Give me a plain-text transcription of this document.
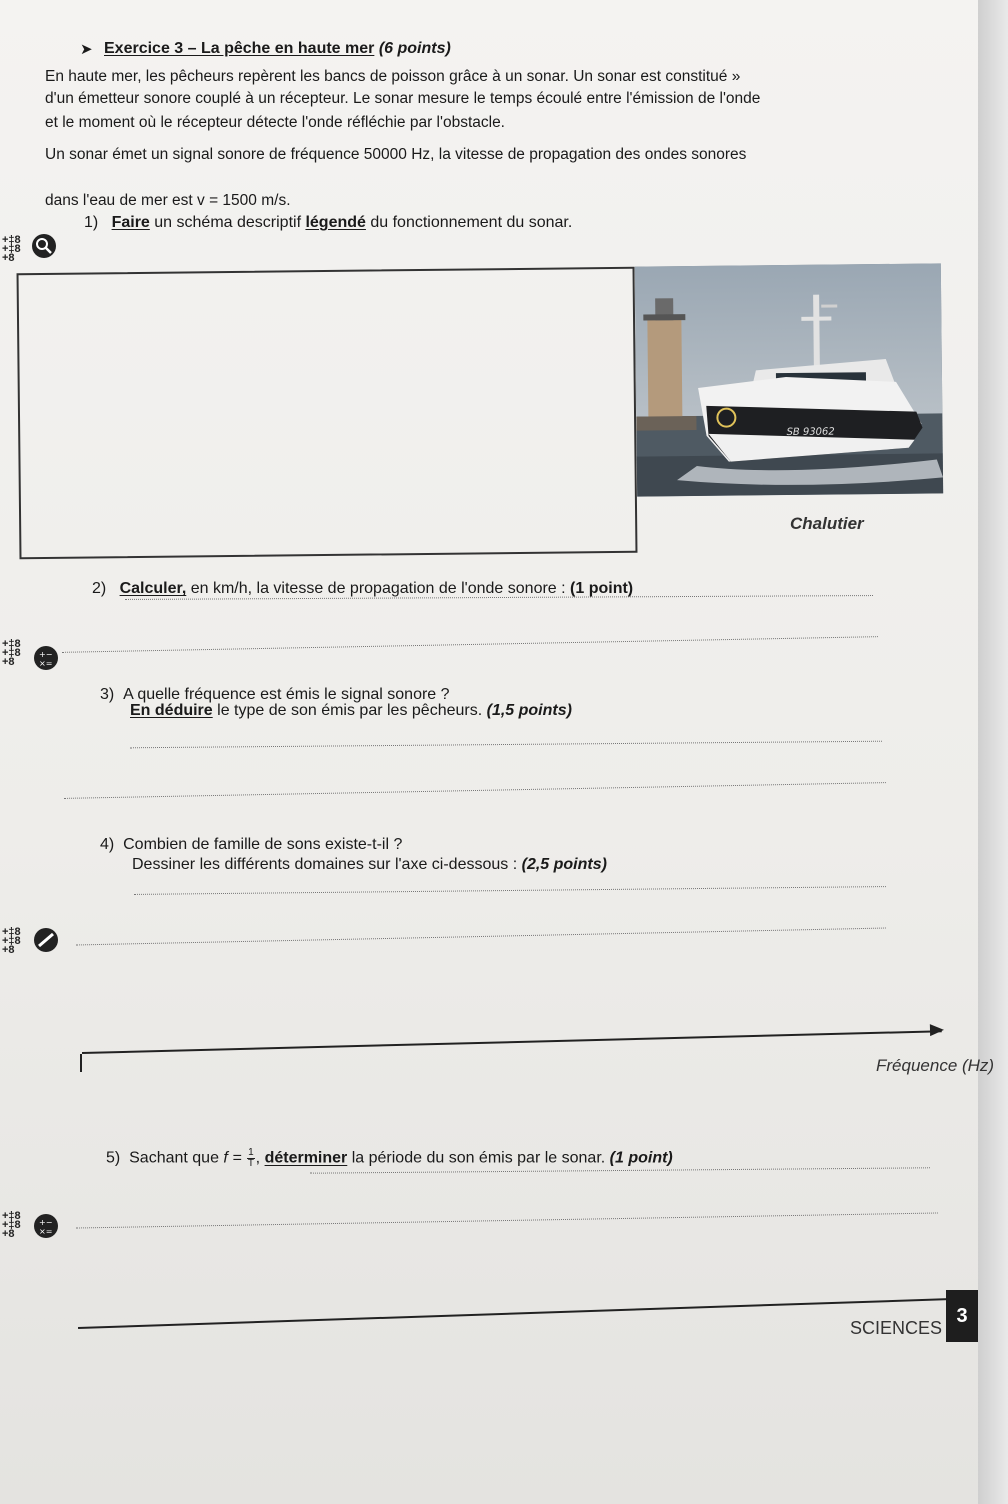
➤ Exercice 3 – La pêche en haute mer (6 points)
En haute mer, les pêcheurs repèrent les bancs de poisson grâce à un sonar. Un sonar est constitué »
d'un émetteur sonore couplé à un récepteur. Le sonar mesure le temps écoulé entre l'émission de l'onde
et le moment où le récepteur détecte l'onde réfléchie par l'obstacle.
Un sonar émet un signal sonore de fréquence 50000 Hz, la vitesse de propagation des ondes sonores
dans l'eau de mer est v = 1500 m/s.
+‡8
+‡8
+8
1) Faire un schéma descriptif légendé du fonctionnement du sonar.
SB 93062
Chalutier
2) Calculer, en km/h, la vitesse de propagation de l'onde sonore : (1 point)
+‡8
+‡8
+8
+−
×=
3) A quelle fréquence est émis le signal sonore ?
En déduire le type de son émis par les pêcheurs. (1,5 points)
4) Combien de famille de sons existe-t-il ?
Dessiner les différents domaines sur l'axe ci-dessous : (2,5 points)
+‡8
+‡8
+8
Fréquence (Hz)
5) Sachant que $f = \frac{1}{T}$ , déterminer la période du son émis par le sonar. (1 point)
+‡8
+‡8
+8
+−
×=
SCIENCES
3
